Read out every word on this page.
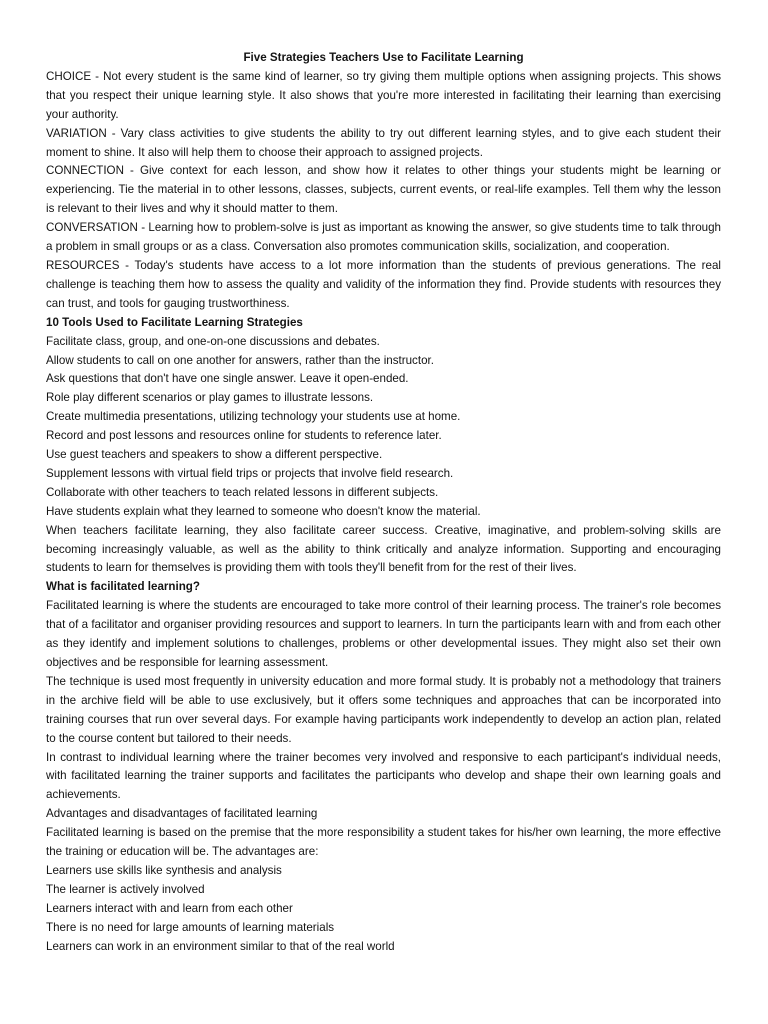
Five Strategies Teachers Use to Facilitate Learning

CHOICE - Not every student is the same kind of learner, so try giving them multiple options when assigning projects. This shows that you respect their unique learning style. It also shows that you're more interested in facilitating their learning than exercising your authority.

VARIATION - Vary class activities to give students the ability to try out different learning styles, and to give each student their moment to shine. It also will help them to choose their approach to assigned projects.

CONNECTION - Give context for each lesson, and show how it relates to other things your students might be learning or experiencing. Tie the material in to other lessons, classes, subjects, current events, or real-life examples. Tell them why the lesson is relevant to their lives and why it should matter to them.

CONVERSATION - Learning how to problem-solve is just as important as knowing the answer, so give students time to talk through a problem in small groups or as a class. Conversation also promotes communication skills, socialization, and cooperation.

RESOURCES - Today's students have access to a lot more information than the students of previous generations. The real challenge is teaching them how to assess the quality and validity of the information they find. Provide students with resources they can trust, and tools for gauging trustworthiness.

10 Tools Used to Facilitate Learning Strategies

Facilitate class, group, and one-on-one discussions and debates.

Allow students to call on one another for answers, rather than the instructor.

Ask questions that don't have one single answer. Leave it open-ended.

Role play different scenarios or play games to illustrate lessons.

Create multimedia presentations, utilizing technology your students use at home.

Record and post lessons and resources online for students to reference later.

Use guest teachers and speakers to show a different perspective.

Supplement lessons with virtual field trips or projects that involve field research.

Collaborate with other teachers to teach related lessons in different subjects.

Have students explain what they learned to someone who doesn't know the material.

When teachers facilitate learning, they also facilitate career success. Creative, imaginative, and problem-solving skills are becoming increasingly valuable, as well as the ability to think critically and analyze information. Supporting and encouraging students to learn for themselves is providing them with tools they'll benefit from for the rest of their lives.

What is facilitated learning?

Facilitated learning is where the students are encouraged to take more control of their learning process. The trainer's role becomes that of a facilitator and organiser providing resources and support to learners. In turn the participants learn with and from each other as they identify and implement solutions to challenges, problems or other developmental issues. They might also set their own objectives and be responsible for learning assessment.

The technique is used most frequently in university education and more formal study. It is probably not a methodology that trainers in the archive field will be able to use exclusively, but it offers some techniques and approaches that can be incorporated into training courses that run over several days. For example having participants work independently to develop an action plan, related to the course content but tailored to their needs.

In contrast to individual learning where the trainer becomes very involved and responsive to each participant's individual needs, with facilitated learning the trainer supports and facilitates the participants who develop and shape their own learning goals and achievements.

Advantages and disadvantages of facilitated learning

Facilitated learning is based on the premise that the more responsibility a student takes for his/her own learning, the more effective the training or education will be. The advantages are:

Learners use skills like synthesis and analysis

The learner is actively involved

Learners interact with and learn from each other

There is no need for large amounts of learning materials

Learners can work in an environment similar to that of the real world
